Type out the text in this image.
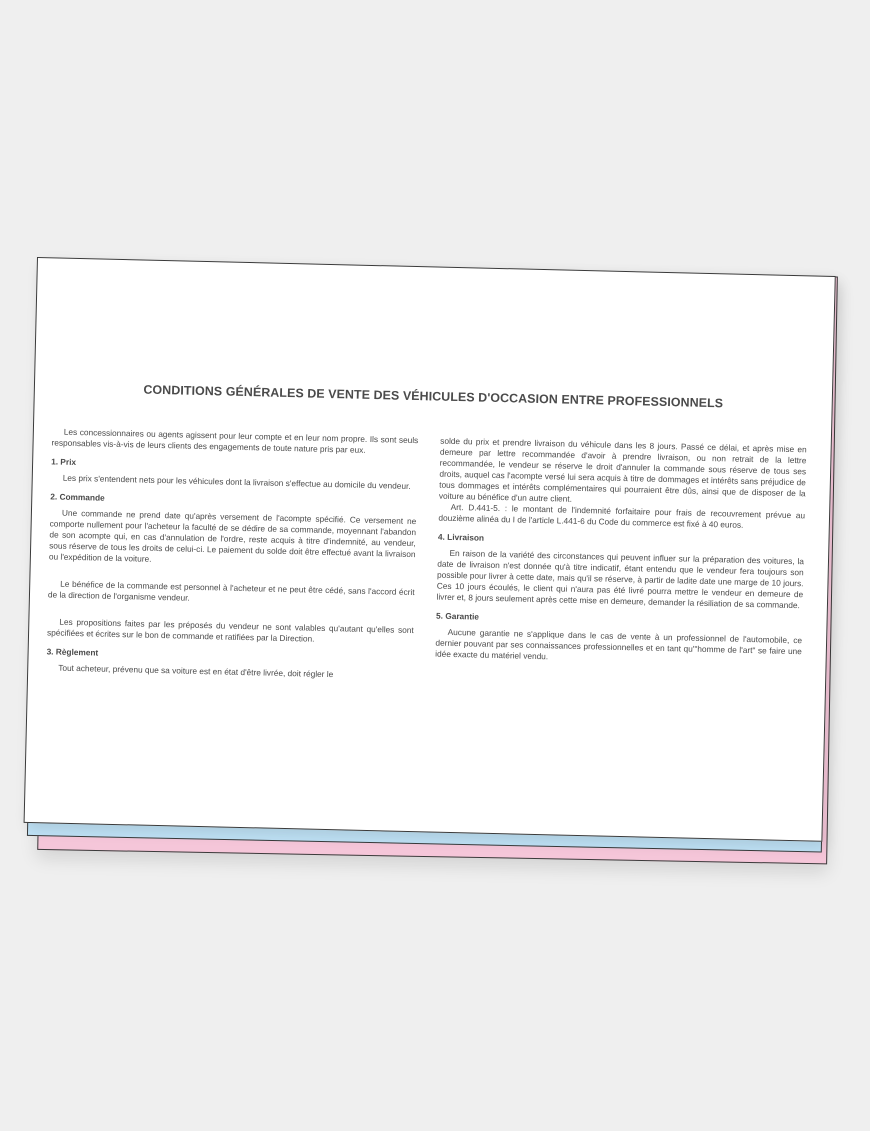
CONDITIONS GÉNÉRALES DE VENTE DES VÉHICULES D'OCCASION ENTRE PROFESSIONNELS

Les concessionnaires ou agents agissent pour leur compte et en leur nom propre. Ils sont seuls responsables vis-à-vis de leurs clients des engagements de toute nature pris par eux.

1. Prix

Les prix s'entendent nets pour les véhicules dont la livraison s'effectue au domicile du vendeur.

2. Commande

Une commande ne prend date qu'après versement de l'acompte spécifié. Ce versement ne comporte nullement pour l'acheteur la faculté de se dédire de sa commande, moyennant l'abandon de son acompte qui, en cas d'annulation de l'ordre, reste acquis à titre d'indemnité, au vendeur, sous réserve de tous les droits de celui-ci. Le paiement du solde doit être effectué avant la livraison ou l'expédition de la voiture.

Le bénéfice de la commande est personnel à l'acheteur et ne peut être cédé, sans l'accord écrit de la direction de l'organisme vendeur.

Les propositions faites par les préposés du vendeur ne sont valables qu'autant qu'elles sont spécifiées et écrites sur le bon de commande et ratifiées par la Direction.

3. Règlement

Tout acheteur, prévenu que sa voiture est en état d'être livrée, doit régler le

solde du prix et prendre livraison du véhicule dans les 8 jours. Passé ce délai, et après mise en demeure par lettre recommandée d'avoir à prendre livraison, ou non retrait de la lettre recommandée, le vendeur se réserve le droit d'annuler la commande sous réserve de tous ses droits, auquel cas l'acompte versé lui sera acquis à titre de dommages et intérêts sans préjudice de tous dommages et intérêts complémentaires qui pourraient être dûs, ainsi que de disposer de la voiture au bénéfice d'un autre client.

Art. D.441-5. : le montant de l'indemnité forfaitaire pour frais de recouvrement prévue au douzième alinéa du I de l'article L.441-6 du Code du commerce est fixé à 40 euros.

4. Livraison

En raison de la variété des circonstances qui peuvent influer sur la préparation des voitures, la date de livraison n'est donnée qu'à titre indicatif, étant entendu que le vendeur fera toujours son possible pour livrer à cette date, mais qu'il se réserve, à partir de ladite date une marge de 10 jours. Ces 10 jours écoulés, le client qui n'aura pas été livré pourra mettre le vendeur en demeure de livrer et, 8 jours seulement après cette mise en demeure, demander la résiliation de sa commande.

5. Garantie

Aucune garantie ne s'applique dans le cas de vente à un professionnel de l'automobile, ce dernier pouvant par ses connaissances professionnelles et en tant qu'"homme de l'art" se faire une idée exacte du matériel vendu.
